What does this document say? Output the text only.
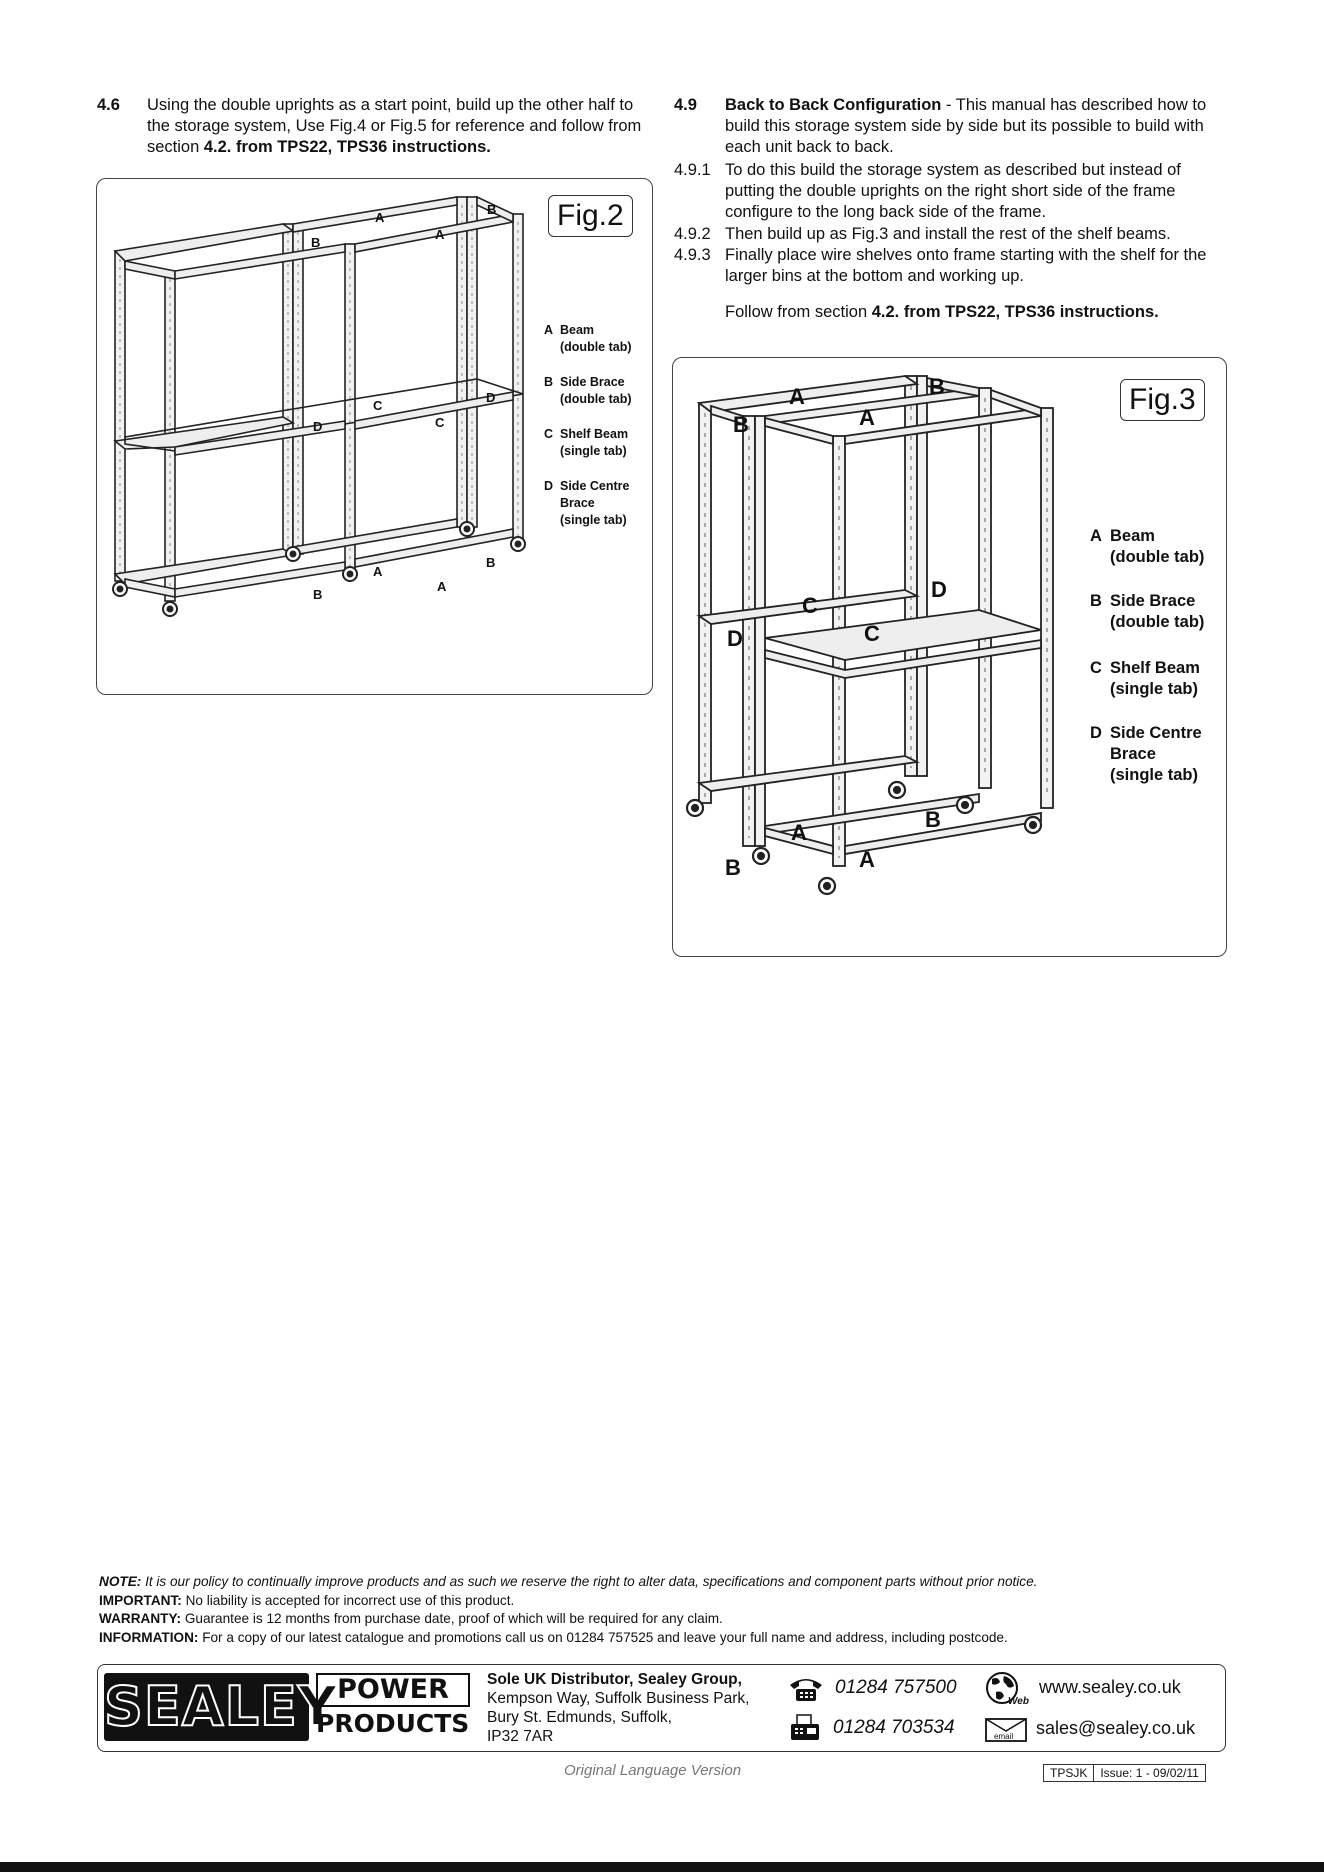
4.6 Using the double uprights as a start point, build up the other half to the storage system, Use Fig.4 or Fig.5 for reference and follow from section 4.2. from TPS22, TPS36 instructions.
4.9 Back to Back Configuration - This manual has described how to build this storage system side by side but its possible to build with each unit back to back.
4.9.1 To do this build the storage system as described but instead of putting the double uprights on the right short side of the frame configure to the long back side of the frame.
4.9.2 Then build up as Fig.3 and install the rest of the shelf beams.
4.9.3 Finally place wire shelves onto frame starting with the shelf for the larger bins at the bottom and working up.
Follow from section 4.2. from TPS22, TPS36 instructions.
A
B
B
A
C
D
D	C
A
B
B
A
Fig.2
A Beam
(double tab)
B Side Brace
(double tab)
C Shelf Beam
(single tab)
D Side Centre
Brace
(single tab)
A	B
B	A
C
D
D	C
A
B
B	A
Fig.3
A Beam
(double tab)
B Side Brace
(double tab)
C Shelf Beam
(single tab)
D Side Centre
Brace
(single tab)
NOTE: It is our policy to continually improve products and as such we reserve the right to alter data, specifications and component parts without prior notice.
IMPORTANT: No liability is accepted for incorrect use of this product.
WARRANTY: Guarantee is 12 months from purchase date, proof of which will be required for any claim.
INFORMATION: For a copy of our latest catalogue and promotions call us on 01284 757525 and leave your full name and address, including postcode.
SEALEY POWER
PRODUCTS
Sole UK Distributor, Sealey Group,
Kempson Way, Suffolk Business Park,
Bury St. Edmunds, Suffolk,
IP32 7AR
01284 757500
01284 703534
Web
www.sealey.co.uk
email sales@sealey.co.uk
Original Language Version	TPSJK Issue: 1 - 09/02/11
